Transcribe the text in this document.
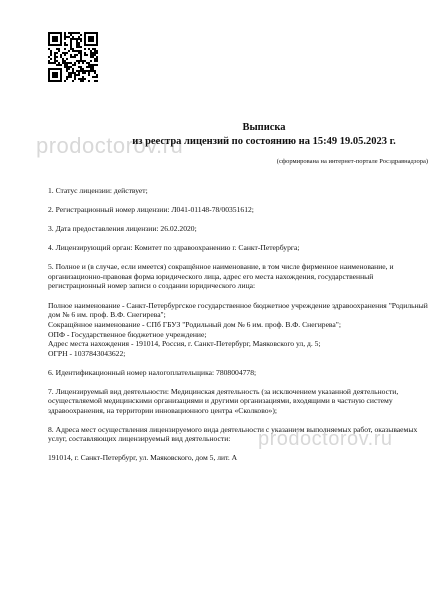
prodoctorov.ru
Выписка
из реестра лицензий по состоянию на 15:49 19.05.2023 г.
(сформирована на интернет-портале Росздравнадзора)

1. Статус лицензии: действует;

2. Регистрационный номер лицензии: Л041-01148-78/00351612;

3. Дата предоставления лицензии: 26.02.2020;

4. Лицензирующий орган: Комитет по здравоохранению г. Санкт-Петербурга;

5. Полное и (в случае, если имеется) сокращённое наименование, в том числе фирменное наименование, и организационно-правовая форма юридического лица, адрес его места нахождения, государственный регистрационный номер записи о создании юридического лица:

Полное наименование - Санкт-Петербургское государственное бюджетное учреждение здравоохранения "Родильный дом № 6 им. проф. В.Ф. Снегирева";

Сокращённое наименование - СПб ГБУЗ "Родильный дом № 6 им. проф. В.Ф. Снегирева";

ОПФ - Государственное бюджетное учреждение;

Адрес места нахождения - 191014, Россия, г. Санкт-Петербург, Маяковского ул, д. 5;

ОГРН - 1037843043622;

6. Идентификационный номер налогоплательщика: 7808004778;

7. Лицензируемый вид деятельности: Медицинская деятельность (за исключением указанной деятельности, осуществляемой медицинскими организациями и другими организациями, входящими в частную систему здравоохранения, на территории инновационного центра «Сколково»);

8. Адреса мест осуществления лицензируемого вида деятельности с указанием выполняемых работ, оказываемых услуг, составляющих лицензируемый вид деятельности:

191014, г. Санкт-Петербург, ул. Маяковского, дом 5, лит. А

prodoctorov.ru
